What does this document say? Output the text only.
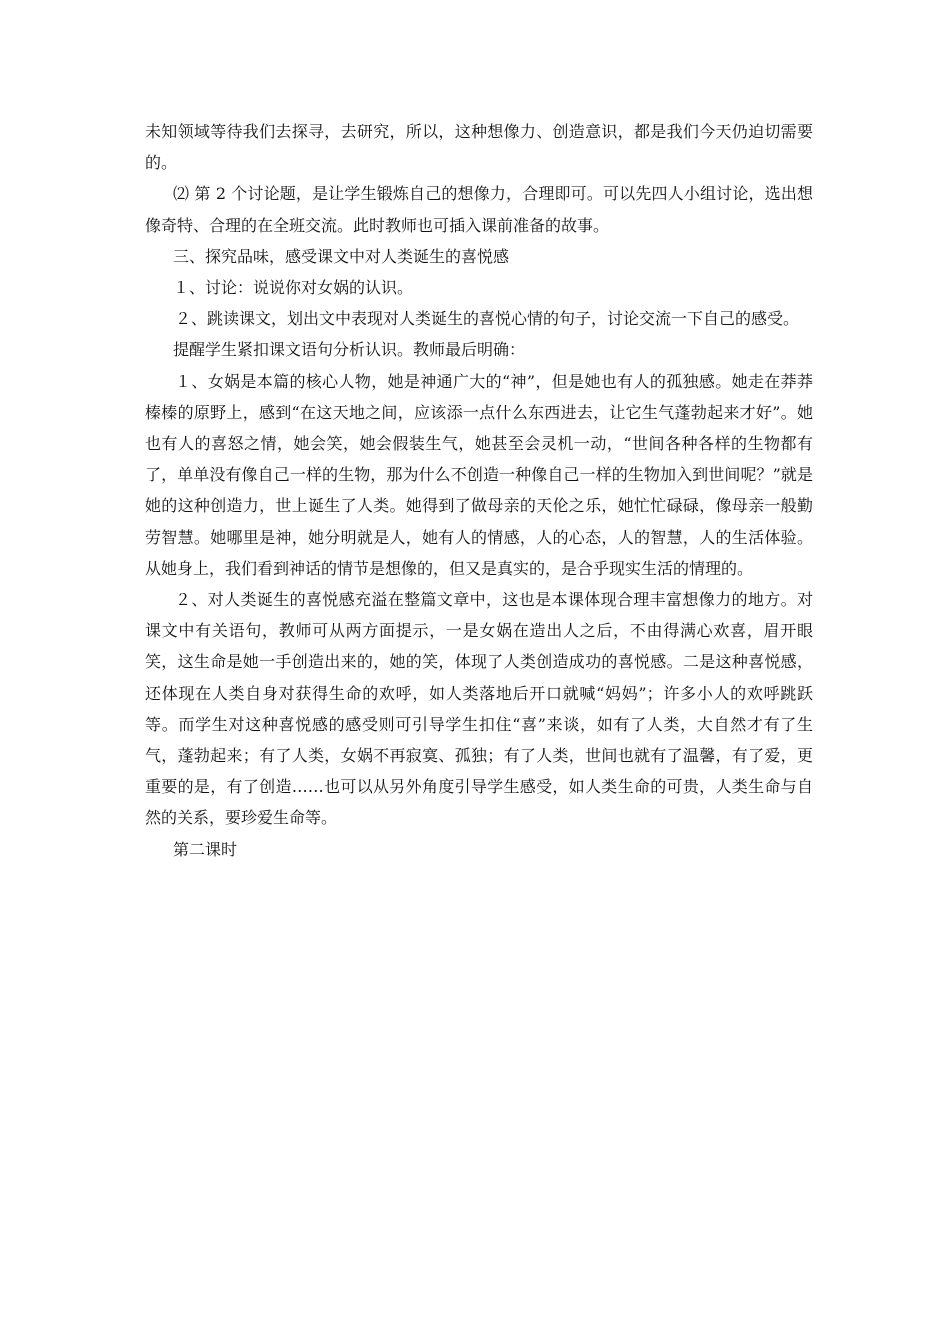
未知领域等待我们去探寻，去研究，所以，这种想像力、创造意识，都是我们今天仍迫切需要的。

⑵ 第 2 个讨论题，是让学生锻炼自己的想像力，合理即可。可以先四人小组讨论，选出想像奇特、合理的在全班交流。此时教师也可插入课前准备的故事。

三、探究品味，感受课文中对人类诞生的喜悦感

１、讨论：说说你对女娲的认识。

２、跳读课文，划出文中表现对人类诞生的喜悦心情的句子，讨论交流一下自己的感受。

提醒学生紧扣课文语句分析认识。教师最后明确：

１、女娲是本篇的核心人物，她是神通广大的“神”，但是她也有人的孤独感。她走在莽莽榛榛的原野上，感到“在这天地之间，应该添一点什么东西进去，让它生气蓬勃起来才好”。她也有人的喜怒之情，她会笑，她会假装生气，她甚至会灵机一动，“世间各种各样的生物都有了，单单没有像自己一样的生物，那为什么不创造一种像自己一样的生物加入到世间呢？”就是她的这种创造力，世上诞生了人类。她得到了做母亲的天伦之乐，她忙忙碌碌，像母亲一般勤劳智慧。她哪里是神，她分明就是人，她有人的情感，人的心态，人的智慧，人的生活体验。从她身上，我们看到神话的情节是想像的，但又是真实的，是合乎现实生活的情理的。

２、对人类诞生的喜悦感充溢在整篇文章中，这也是本课体现合理丰富想像力的地方。对课文中有关语句，教师可从两方面提示，一是女娲在造出人之后，不由得满心欢喜，眉开眼笑，这生命是她一手创造出来的，她的笑，体现了人类创造成功的喜悦感。二是这种喜悦感，还体现在人类自身对获得生命的欢呼，如人类落地后开口就喊“妈妈”；许多小人的欢呼跳跃等。而学生对这种喜悦感的感受则可引导学生扣住“喜”来谈，如有了人类，大自然才有了生气，蓬勃起来；有了人类，女娲不再寂寞、孤独；有了人类，世间也就有了温馨，有了爱，更重要的是，有了创造……也可以从另外角度引导学生感受，如人类生命的可贵，人类生命与自然的关系，要珍爱生命等。

第二课时
